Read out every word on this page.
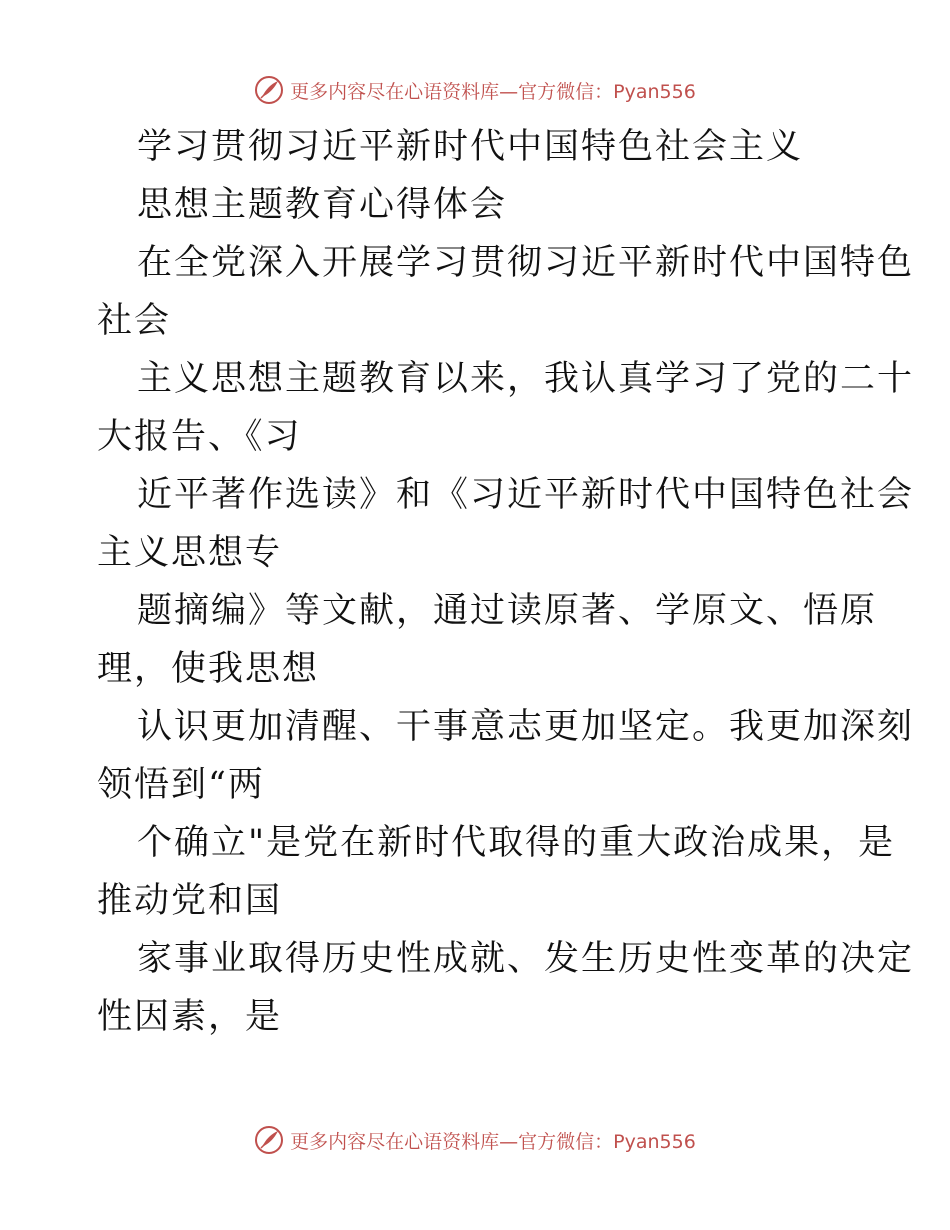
更多内容尽在心语资料库—官方微信：Pyan556
学习贯彻习近平新时代中国特色社会主义
思想主题教育心得体会
在全党深入开展学习贯彻习近平新时代中国特色
社会
主义思想主题教育以来，我认真学习了党的二十
大报告、《习
近平著作选读》和《习近平新时代中国特色社会
主义思想专
题摘编》等文献，通过读原著、学原文、悟原
理，使我思想
认识更加清醒、干事意志更加坚定。我更加深刻
领悟到“两
个确立"是党在新时代取得的重大政治成果，是
推动党和国
家事业取得历史性成就、发生历史性变革的决定
性因素，是
更多内容尽在心语资料库—官方微信：Pyan556
